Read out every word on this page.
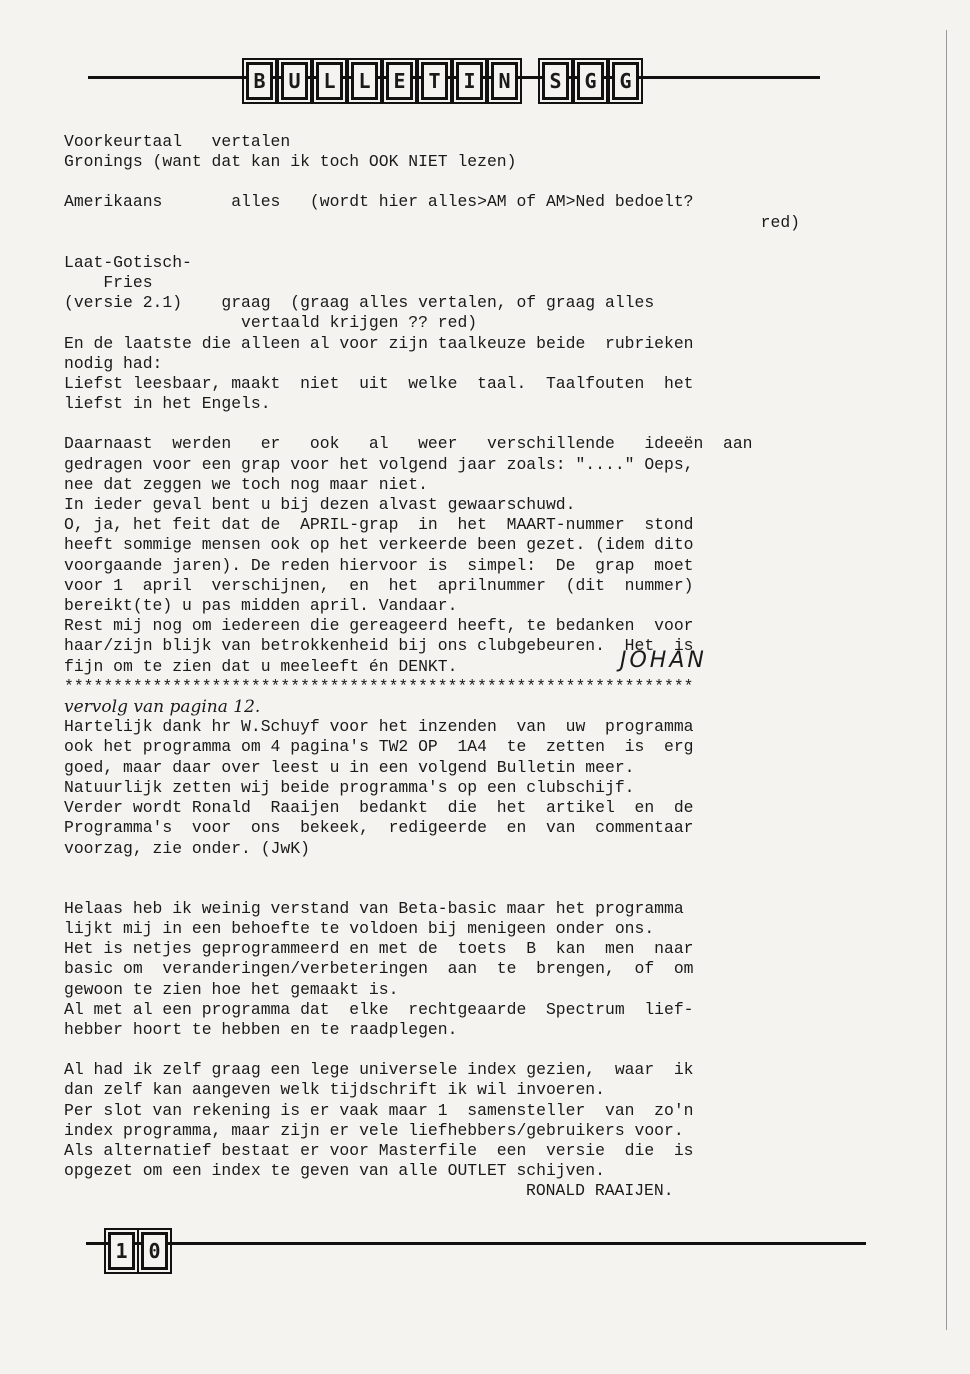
B	U	L	L	E	T	I	N	S	G	G

Voorkeurtaal   vertalen

Gronings (want dat kan ik toch OOK NIET lezen)

Amerikaans       alles   (wordt hier alles>AM of AM>Ned bedoelt?

red)

Laat-Gotisch-

Fries

(versie 2.1)    graag  (graag alles vertalen, of graag alles

vertaald krijgen ?? red)

En de laatste die alleen al voor zijn taalkeuze beide  rubrieken

nodig had:

Liefst leesbaar, maakt  niet  uit  welke  taal.  Taalfouten  het

liefst in het Engels.

Daarnaast  werden   er   ook   al   weer   verschillende   ideeën  aan

gedragen voor een grap voor het volgend jaar zoals: "...." Oeps,

nee dat zeggen we toch nog maar niet.

In ieder geval bent u bij dezen alvast gewaarschuwd.

O, ja, het feit dat de  APRIL-grap  in  het  MAART-nummer  stond

heeft sommige mensen ook op het verkeerde been gezet. (idem dito

voorgaande jaren). De reden hiervoor is  simpel:  De  grap  moet

voor 1  april  verschijnen,  en  het  aprilnummer  (dit  nummer)

bereikt(te) u pas midden april. Vandaar.

Rest mij nog om iedereen die gereageerd heeft, te bedanken  voor

haar/zijn blijk van betrokkenheid bij ons clubgebeuren.  Het  is

fijn om te zien dat u meeleeft én DENKT.	JOHAN

****************************************************************

vervolg van pagina 12.

Hartelijk dank hr W.Schuyf voor het inzenden  van  uw  programma

ook het programma om 4 pagina's TW2 OP  1A4  te  zetten  is  erg

goed, maar daar over leest u in een volgend Bulletin meer.

Natuurlijk zetten wij beide programma's op een clubschijf.

Verder wordt Ronald  Raaijen  bedankt  die  het  artikel  en  de

Programma's  voor  ons  bekeek,  redigeerde  en  van  commentaar

voorzag, zie onder. (JwK)

Helaas heb ik weinig verstand van Beta-basic maar het programma

lijkt mij in een behoefte te voldoen bij menigeen onder ons.

Het is netjes geprogrammeerd en met de  toets  B  kan  men  naar

basic om  veranderingen/verbeteringen  aan  te  brengen,  of  om

gewoon te zien hoe het gemaakt is.

Al met al een programma dat  elke  rechtgeaarde  Spectrum  lief-

hebber hoort te hebben en te raadplegen.

Al had ik zelf graag een lege universele index gezien,  waar  ik

dan zelf kan aangeven welk tijdschrift ik wil invoeren.

Per slot van rekening is er vaak maar 1  samensteller  van  zo'n

index programma, maar zijn er vele liefhebbers/gebruikers voor.

Als alternatief bestaat er voor Masterfile  een  versie  die  is

opgezet om een index te geven van alle OUTLET schijven.

RONALD RAAIJEN.

1	0
